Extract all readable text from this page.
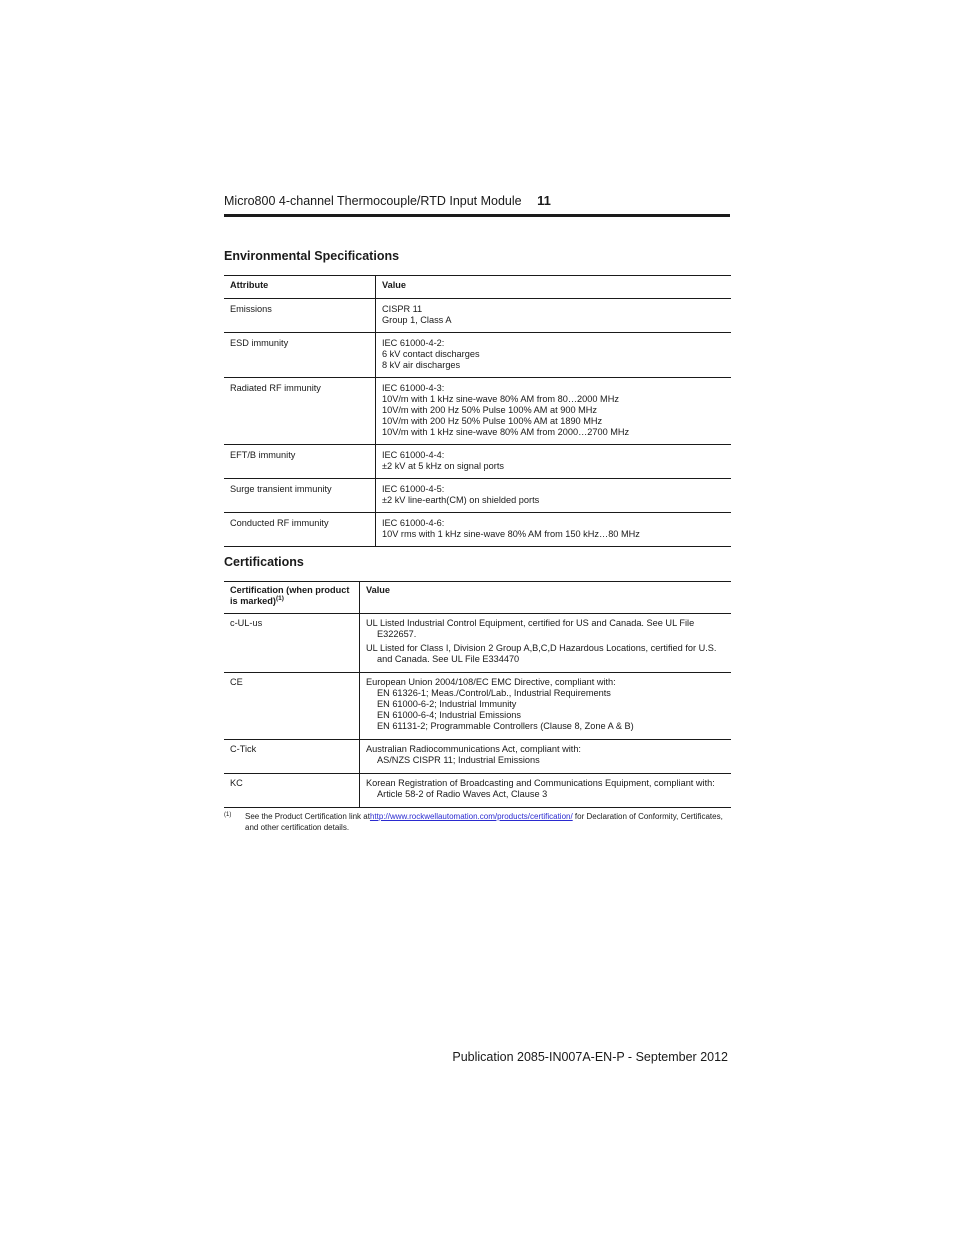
Micro800 4-channel Thermocouple/RTD Input Module 11
Environmental Specifications
Attribute	Value
Emissions	CISPR 11
Group 1, Class A

ESD immunity	IEC 61000-4-2:
6 kV contact discharges
8 kV air discharges

Radiated RF immunity	IEC 61000-4-3:
10V/m with 1 kHz sine-wave 80% AM from 80…2000 MHz
10V/m with 200 Hz 50% Pulse 100% AM at 900 MHz
10V/m with 200 Hz 50% Pulse 100% AM at 1890 MHz
10V/m with 1 kHz sine-wave 80% AM from 2000…2700 MHz

EFT/B immunity	IEC 61000-4-4:
±2 kV at 5 kHz on signal ports

Surge transient immunity	IEC 61000-4-5:
±2 kV line-earth(CM) on shielded ports

Conducted RF immunity	IEC 61000-4-6:
10V rms with 1 kHz sine-wave 80% AM from 150 kHz…80 MHz
Certifications
Certification (when product is marked)$^{(1)}$	Value
c-UL-us	UL Listed Industrial Control Equipment, certified for US and Canada. See UL File E322657.
UL Listed for Class I, Division 2 Group A,B,C,D Hazardous Locations, certified for U.S. and Canada. See UL File E334470

CE	European Union 2004/108/EC EMC Directive, compliant with:
EN 61326-1; Meas./Control/Lab., Industrial Requirements
EN 61000-6-2; Industrial Immunity
EN 61000-6-4; Industrial Emissions
EN 61131-2; Programmable Controllers (Clause 8, Zone A & B)

C-Tick	Australian Radiocommunications Act, compliant with:
AS/NZS CISPR 11; Industrial Emissions

KC	Korean Registration of Broadcasting and Communications Equipment, compliant with:
Article 58-2 of Radio Waves Act, Clause 3
(1)	See the Product Certification link athttp://www.rockwellautomation.com/products/certification/ for Declaration of Conformity, Certificates, and other certification details.
Publication 2085-IN007A-EN-P - September 2012
